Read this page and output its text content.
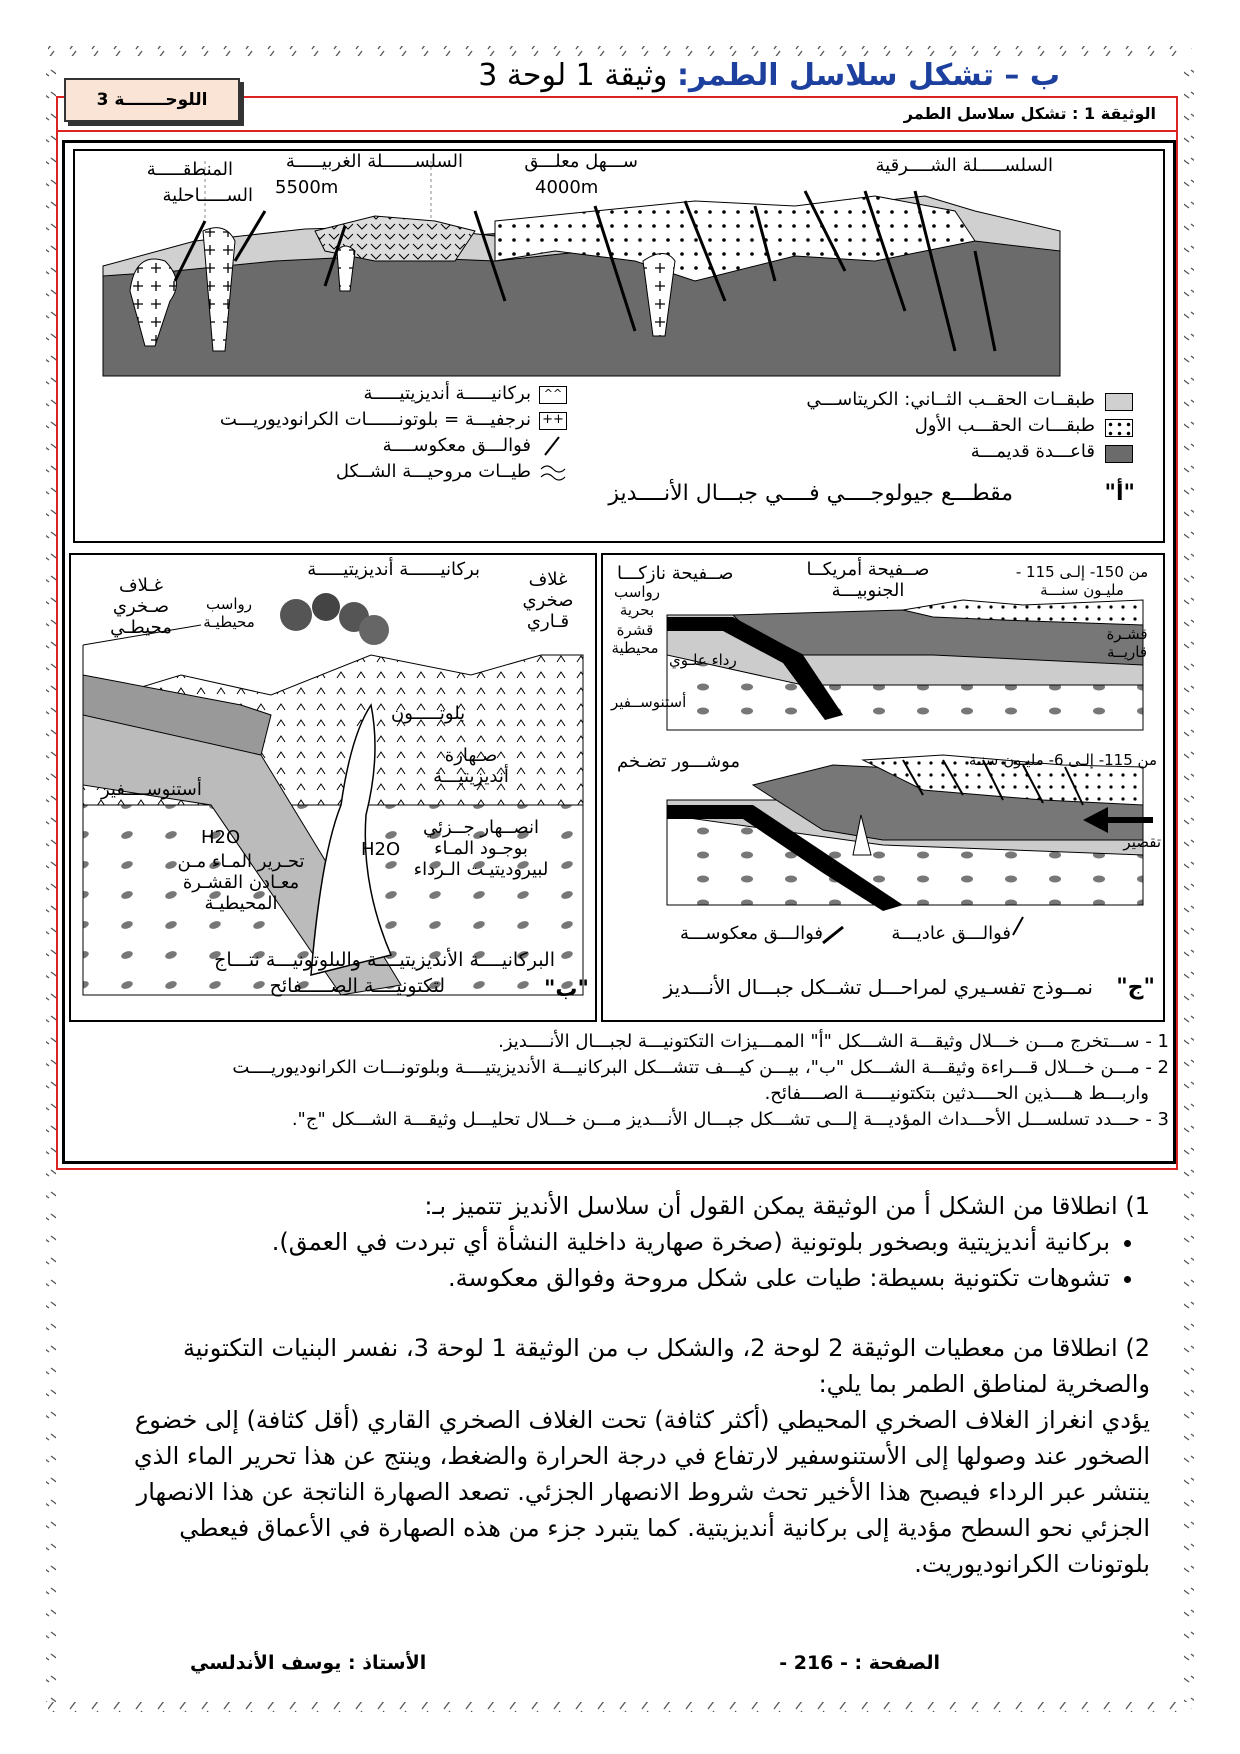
ب – تشكل سلاسل الطمر: وثيقة 1 لوحة 3
اللوحـــــــة 3
الوثيقة 1 : تشكل سلاسل الطمر
المنطقـــــة
الســـــاحلية
السلســــــلة الغربيـــــة
5500m
ســـهل معلـــق
4000m
السلســـــلة الشــــرقية
طبقــات الحقــب الثــاني: الكريتاســـي
طبقـــات الحقـــب الأول
قاعـــدة قديمـــة
بركانيـــــة أنديزيتيـــــة	^^
نرجفيـــة = بلوتونــــــات الكرانوديوريـــت ++
فوالـــق معكوســــة
طيــات مروحيـــة الشــكل
مقطـــع جيولوجــــي فــــي جبـــال الأنــــديز	"أ"
بركانيــــــة أنديزيتيـــــة
غـلاف صـخري محيطـي
رواسب محيطيـة
غلاف صخري قـاري
بلوتـــــون
صـهارة أنديزيتيـــة
أستنوســــفير
H2O
H2O
تحـرير المـاء مـن معـادن القشـرة المحيطيـة
انصــهار جــزئي بوجـود المـاء لبيروديتيـت الـرداء
البركانيــــة الأنديزيتيــــة والبلوتونيـــة نتـــاج
لتكتونيــــة الصـــــفائح	"ب"
من 150- إلـى 115 - مليـون سنـــة
صــفيحة أمريكــا الجنوبيـــة
صــفيحة نازكـــا
رواسب بحرية
قشرة محيطية
رداء علـوي
أستنوســفير
قشـرة قاريــة
من 115- إلـى 6- مليـون سنـة
موشـــور تضـخم
تقصير
فوالـــق معكوســـة	فوالـــق عاديـــة
نمــوذج تفسـيري لمراحـــل تشــكل جبـــال الأنـــديز "ج"
1 - ســـتخرج مـــن خـــلال وثيقـــة الشـــكل "أ" الممـــيزات التكتونيـــة لجبـــال الأنــــديز.
2 - مـــن خـــلال قـــراءة وثيقـــة الشـــكل "ب"، بيـــن كيـــف تتشـــكل البركانيـــة الأنديزيتيــــة وبلوتونـــات الكرانوديوريــــت
وارب‍ـــط هــــذين الحــــدثين بتكتونيـــــة الصــــفائح.
3 - حـــدد تسلســـل الأحـــداث المؤديـــة إلـــى تشـــكل جبـــال الأنـــديز مـــن خـــلال تحليـــل وثيقـــة الشـــكل "ج".
1) انطلاقا من الشكل أ من الوثيقة يمكن القول أن سلاسل الأنديز تتميز بـ:
• بركانية أنديزيتية وبصخور بلوتونية (صخرة صهارية داخلية النشأة أي تبردت في العمق).
• تشوهات تكتونية بسيطة: طيات على شكل مروحة وفوالق معكوسة.
2) انطلاقا من معطيات الوثيقة 2 لوحة 2، والشكل ب من الوثيقة 1 لوحة 3، نفسر البنيات التكتونية والصخرية لمناطق الطمر بما يلي:
يؤدي انغراز الغلاف الصخري المحيطي (أكثر كثافة) تحت الغلاف الصخري القاري (أقل كثافة) إلى خضوع الصخور عند وصولها إلى الأستنوسفير لارتفاع في درجة الحرارة والضغط، وينتج عن هذا تحرير الماء الذي ينتشر عبر الرداء فيصبح هذا الأخير تحث شروط الانصهار الجزئي. تصعد الصهارة الناتجة عن هذا الانصهار الجزئي نحو السطح مؤدية إلى بركانية أنديزيتية. كما يتبرد جزء من هذه الصهارة في الأعماق فيعطي بلوتونات الكرانوديوريت.
الصفحة : - 216 -
الأستاذ : يوسف الأندلسي
